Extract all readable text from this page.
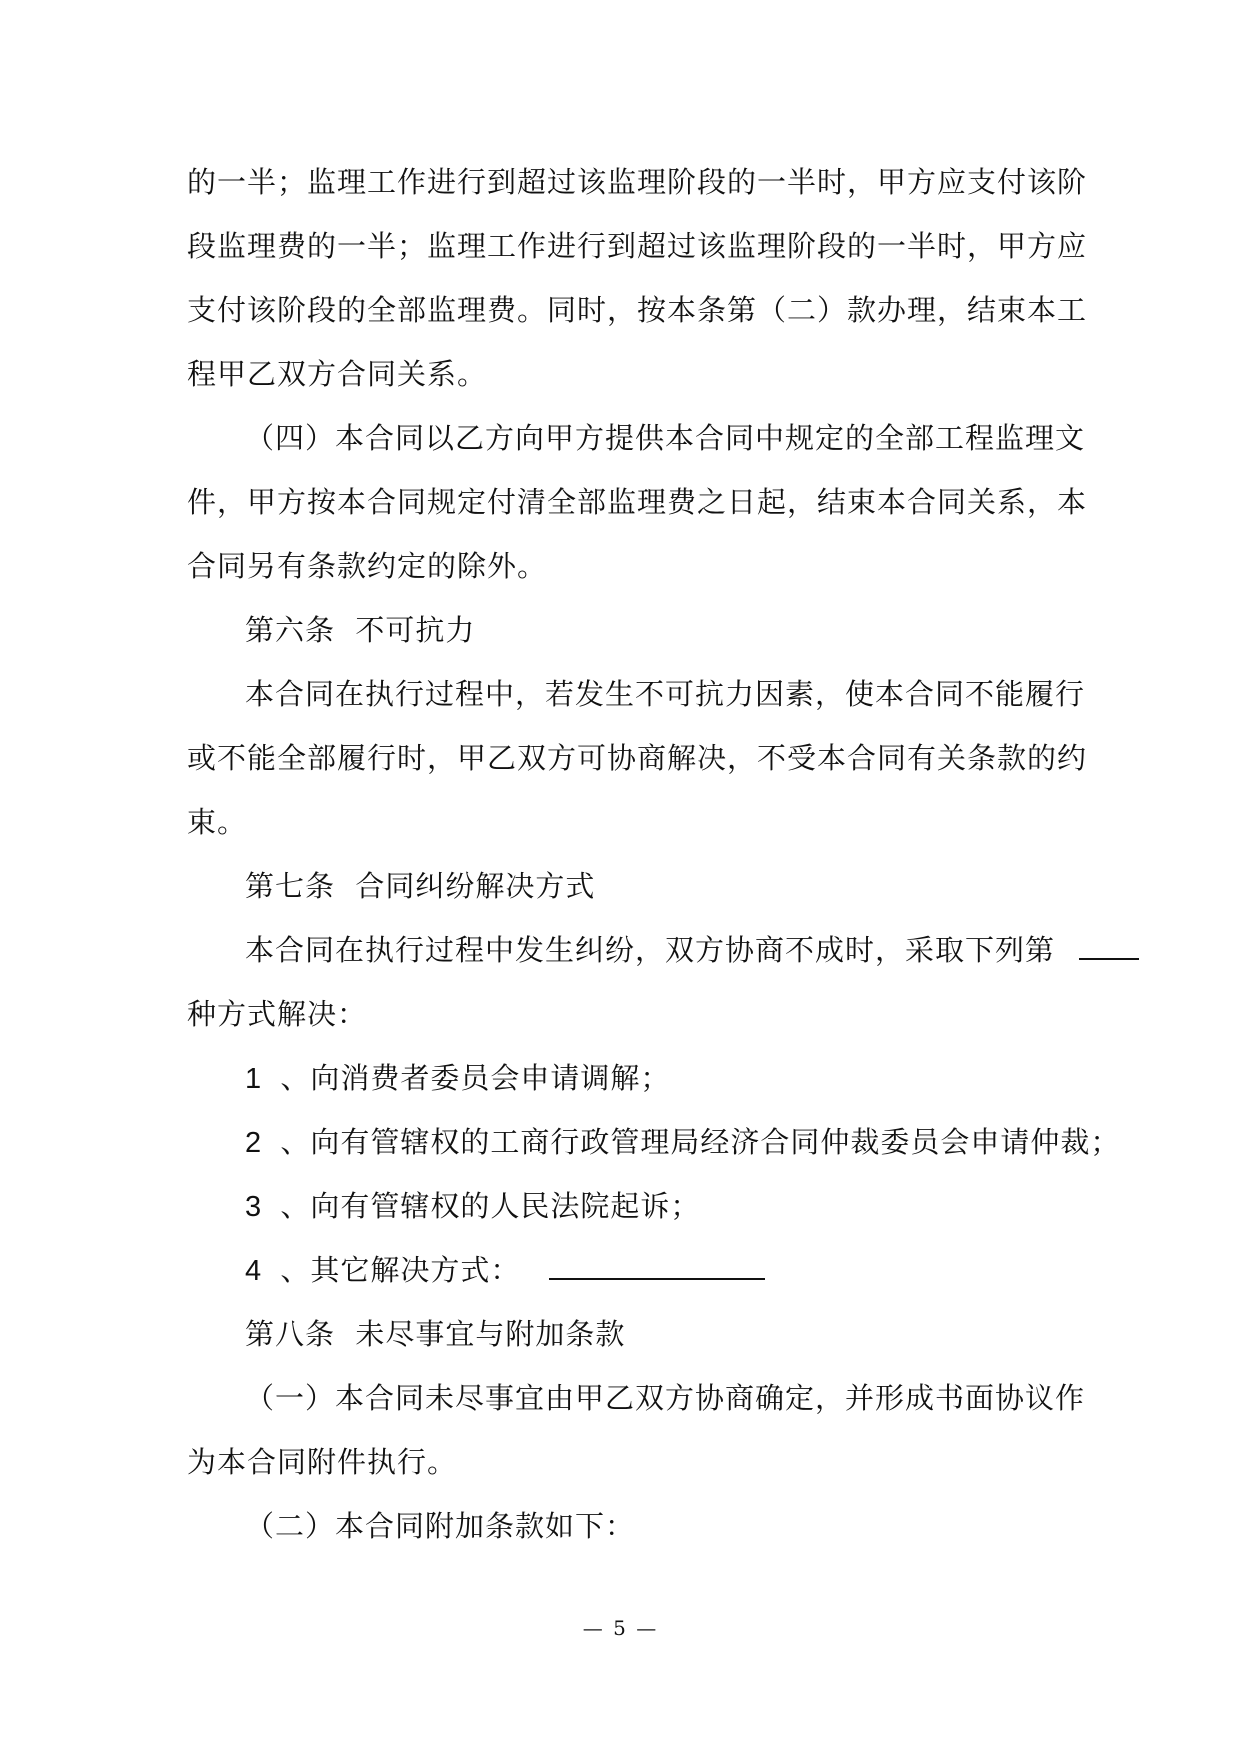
的一半；监理工作进行到超过该监理阶段的一半时，甲方应支付该阶
段监理费的一半；监理工作进行到超过该监理阶段的一半时，甲方应
支付该阶段的全部监理费。同时，按本条第（二）款办理，结束本工
程甲乙双方合同关系。
（四）本合同以乙方向甲方提供本合同中规定的全部工程监理文
件，甲方按本合同规定付清全部监理费之日起，结束本合同关系，本
合同另有条款约定的除外。
第六条  不可抗力
本合同在执行过程中，若发生不可抗力因素，使本合同不能履行
或不能全部履行时，甲乙双方可协商解决，不受本合同有关条款的约
束。
第七条  合同纠纷解决方式
本合同在执行过程中发生纠纷，双方协商不成时，采取下列第
种方式解决：
1 、向消费者委员会申请调解；
2 、向有管辖权的工商行政管理局经济合同仲裁委员会申请仲裁；
3 、向有管辖权的人民法院起诉；
4 、其它解决方式：
第八条  未尽事宜与附加条款
（一）本合同未尽事宜由甲乙双方协商确定，并形成书面协议作
为本合同附件执行。
（二）本合同附加条款如下：
— 5 —
